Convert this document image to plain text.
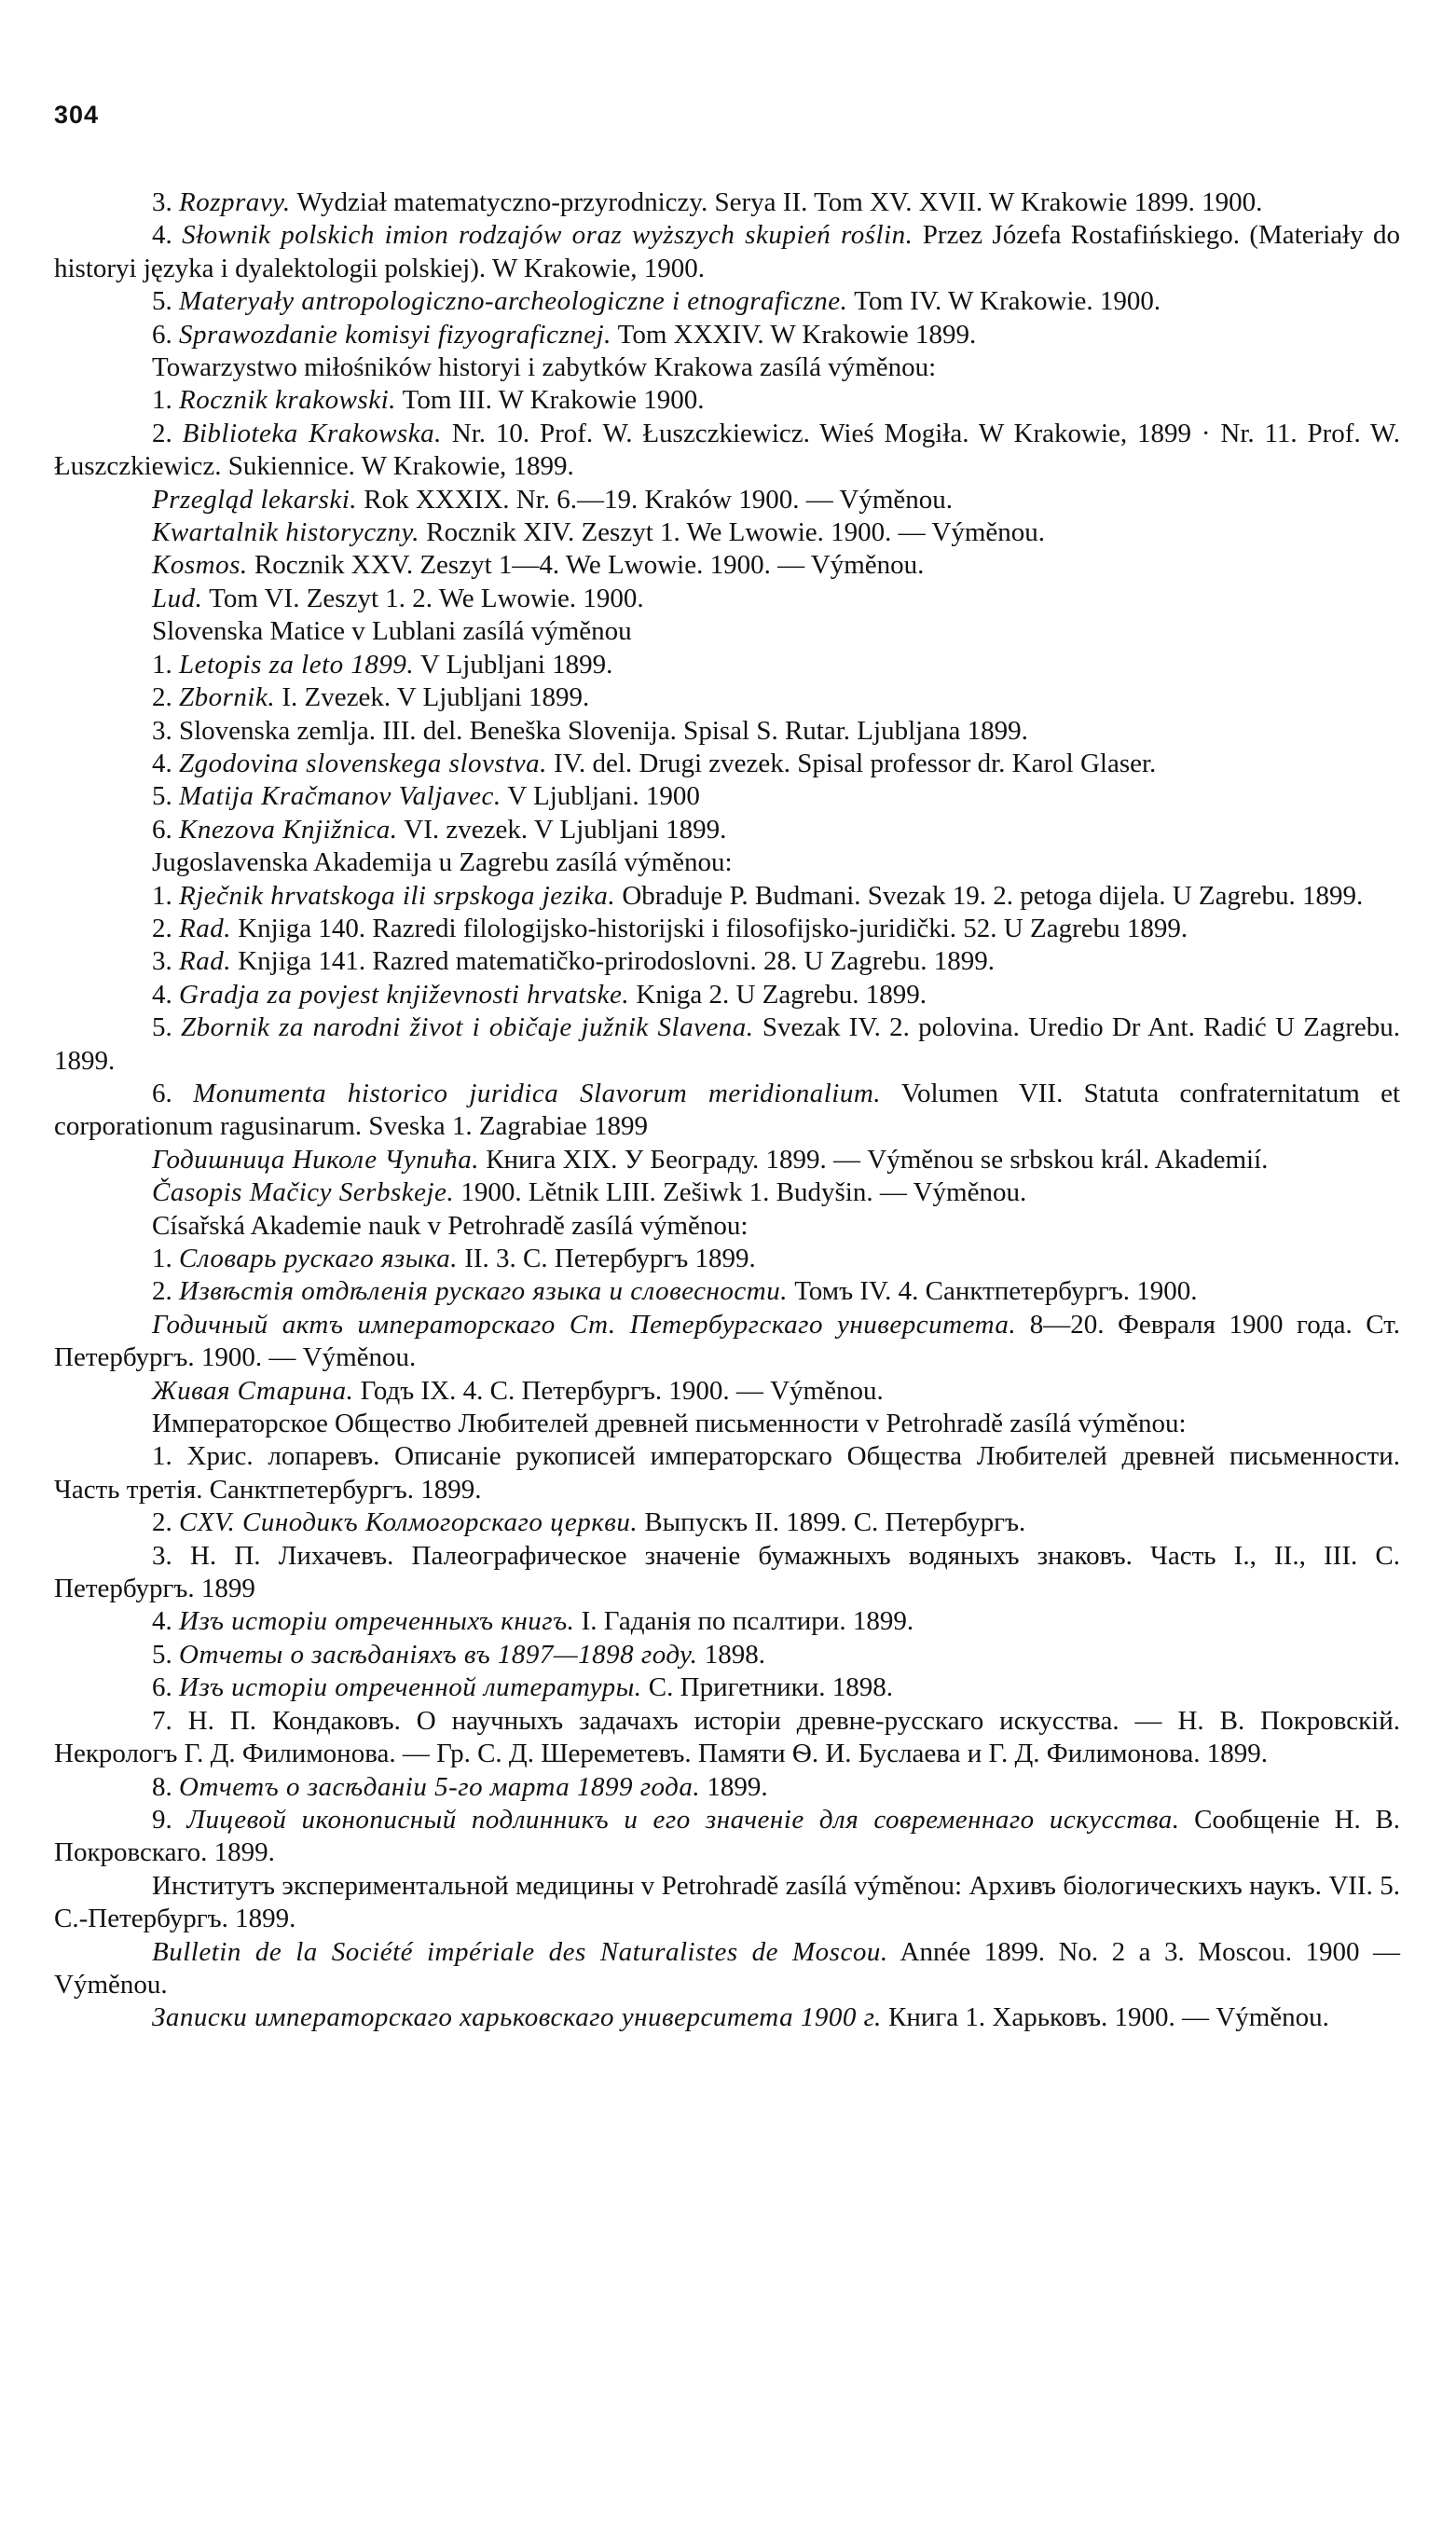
304

3. Rozpravy. Wydział matematyczno-przyrodniczy. Serya II. Tom XV. XVII. W Krakowie 1899. 1900.

4. Słownik polskich imion rodzajów oraz wyższych skupień roślin. Przez Józefa Rostafińskiego. (Materiały do historyi języka i dyalektologii polskiej). W Krakowie, 1900.

5. Materyały antropologiczno-archeologiczne i etnograficzne. Tom IV. W Krakowie. 1900.

6. Sprawozdanie komisyi fizyograficznej. Tom XXXIV. W Krakowie 1899.

Towarzystwo miłośników historyi i zabytków Krakowa zasílá výměnou:

1. Rocznik krakowski. Tom III. W Krakowie 1900.

2. Biblioteka Krakowska. Nr. 10. Prof. W. Łuszczkiewicz. Wieś Mogiła. W Krakowie, 1899 · Nr. 11. Prof. W. Łuszczkiewicz. Sukiennice. W Krakowie, 1899.

Przegląd lekarski. Rok XXXIX. Nr. 6.—19. Kraków 1900. — Výměnou.

Kwartalnik historyczny. Rocznik XIV. Zeszyt 1. We Lwowie. 1900. — Výměnou.

Kosmos. Rocznik XXV. Zeszyt 1—4. We Lwowie. 1900. — Výměnou.

Lud. Tom VI. Zeszyt 1. 2. We Lwowie. 1900.

Slovenska Matice v Lublani zasílá výměnou

1. Letopis za leto 1899. V Ljubljani 1899.

2. Zbornik. I. Zvezek. V Ljubljani 1899.

3. Slovenska zemlja. III. del. Beneška Slovenija. Spisal S. Rutar. Ljubljana 1899.

4. Zgodovina slovenskega slovstva. IV. del. Drugi zvezek. Spisal professor dr. Karol Glaser.

5. Matija Kračmanov Valjavec. V Ljubljani. 1900

6. Knezova Knjižnica. VI. zvezek. V Ljubljani 1899.

Jugoslavenska Akademija u Zagrebu zasílá výměnou:

1. Rječnik hrvatskoga ili srpskoga jezika. Obraduje P. Budmani. Svezak 19. 2. petoga dijela. U Zagrebu. 1899.

2. Rad. Knjiga 140. Razredi filologijsko-historijski i filosofijsko-juridički. 52. U Zagrebu 1899.

3. Rad. Knjiga 141. Razred matematičko-prirodoslovni. 28. U Zagrebu. 1899.

4. Gradja za povjest književnosti hrvatske. Kniga 2. U Zagrebu. 1899.

5. Zbornik za narodni život i običaje južnik Slavena. Svezak IV. 2. polovina. Uredio Dr Ant. Radić U Zagrebu. 1899.

6. Monumenta historico juridica Slavorum meridionalium. Volumen VII. Statuta confraternitatum et corporationum ragusinarum. Sveska 1. Zagrabiae 1899

Годишница Николе Чупића. Книга XIX. У Београду. 1899. — Výměnou se srbskou král. Akademií.

Časopis Mačicy Serbskeje. 1900. Lětnik LIII. Zešiwk 1. Budyšin. — Výměnou.

Císařská Akademie nauk v Petrohradě zasílá výměnou:

1. Словарь рускаго языка. II. 3. С. Петербургъ 1899.

2. Извѣстія отдѣленія рускаго языка и словесности. Томъ IV. 4. Санктпетербургъ. 1900.

Годичный актъ императорскаго Ст. Петербургскаго университета. 8—20. Февраля 1900 года. Ст. Петербургъ. 1900. — Výměnou.

Живая Старина. Годъ IX. 4. С. Петербургъ. 1900. — Výměnou.

Императорское Общество Любителей древней письменности v Petrohradě zasílá výměnou:

1. Хрис. лопаревъ. Описаніе рукописей императорскаго Общества Любителей древней письменности. Часть третія. Санктпетербургъ. 1899.

2. CXV. Синодикъ Колмогорскаго церкви. Выпускъ II. 1899. С. Петербургъ.

3. Н. П. Лихачевъ. Палеографическое значеніе бумажныхъ водяныхъ знаковъ. Часть I., II., III. С. Петербургъ. 1899

4. Изъ исторіи отреченныхъ книгъ. I. Гаданія по псалтири. 1899.

5. Отчеты о засѣданіяхъ въ 1897—1898 году. 1898.

6. Изъ исторіи отреченной литературы. С. Пригетники. 1898.

7. Н. П. Кондаковъ. О научныхъ задачахъ исторіи древне-русскаго искусства. — Н. В. Покровскій. Некрологъ Г. Д. Филимонова. — Гр. С. Д. Шереметевъ. Памяти Ѳ. И. Буслаева и Г. Д. Филимонова. 1899.

8. Отчетъ о засѣданіи 5-го марта 1899 года. 1899.

9. Лицевой иконописный подлинникъ и его значеніе для современнаго искусства. Сообщеніе Н. В. Покровскаго. 1899.

Институтъ экспериментальной медицины v Petrohradě zasílá výměnou: Архивъ біологическихъ наукъ. VII. 5. С.-Петербургъ. 1899.

Bulletin de la Société impériale des Naturalistes de Moscou. Année 1899. No. 2 a 3. Moscou. 1900 — Výměnou.

Записки императорскаго харьковскаго университета 1900 г. Книга 1. Харьковъ. 1900. — Výměnou.
